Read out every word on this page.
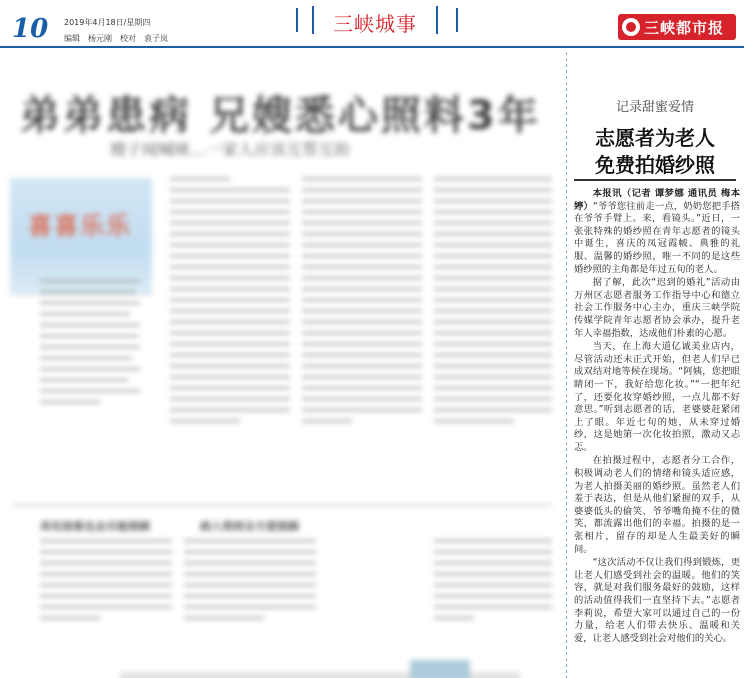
10 2019年4月18日/星期四
编辑　杨元刚　校对　袁子岚
三峡城事	三峡都市报
弟弟患病 兄嫂悉心照料3年
嫂子闻喊咪…一家人应该互帮互助
喜喜乐乐
再有困难也会尽能照顾	病人得到全方爱照顾
记录甜蜜爱情
志愿者为老人
免费拍婚纱照

本报讯（记者 谭梦娜 通讯员 梅本婷）“爷爷您往前走一点，奶奶您把手搭在爷爷手臂上。来，看镜头。”近日，一张张特殊的婚纱照在青年志愿者的镜头中诞生，喜庆的凤冠霞帔、典雅的礼服、温馨的婚纱照，唯一不同的是这些婚纱照的主角都是年过五旬的老人。

据了解，此次“迟到的婚礼”活动由万州区志愿者服务工作指导中心和德立社会工作服务中心主办，重庆三峡学院传媒学院青年志愿者协会承办，提升老年人幸福指数，达成他们朴素的心愿。

当天，在上海大道亿诚美业店内，尽管活动还未正式开始，但老人们早已成双结对地等候在现场。“阿姨，您把眼睛闭一下，我好给您化妆。”“一把年纪了，还要化妆穿婚纱照，一点儿都不好意思。”听到志愿者的话，老婆婆赶紧闭上了眼。年近七旬的她，从未穿过婚纱，这是她第一次化妆拍照，激动又忐忑。

在拍摄过程中，志愿者分工合作，积极调动老人们的情绪和镜头适应感，为老人拍摄美丽的婚纱照。虽然老人们羞于表达，但是从他们紧握的双手，从婆婆低头的偷笑、爷爷嘴角掩不住的微笑，都流露出他们的幸福。拍摄的是一张相片，留存的却是人生最美好的瞬间。

“这次活动不仅让我们得到锻炼，更让老人们感受到社会的温暖。他们的笑容，就是对我们服务最好的鼓励，这样的活动值得我们一直坚持下去。”志愿者李莉说，希望大家可以通过自己的一份力量，给老人们带去快乐、温暖和关爱，让老人感受到社会对他们的关心。
